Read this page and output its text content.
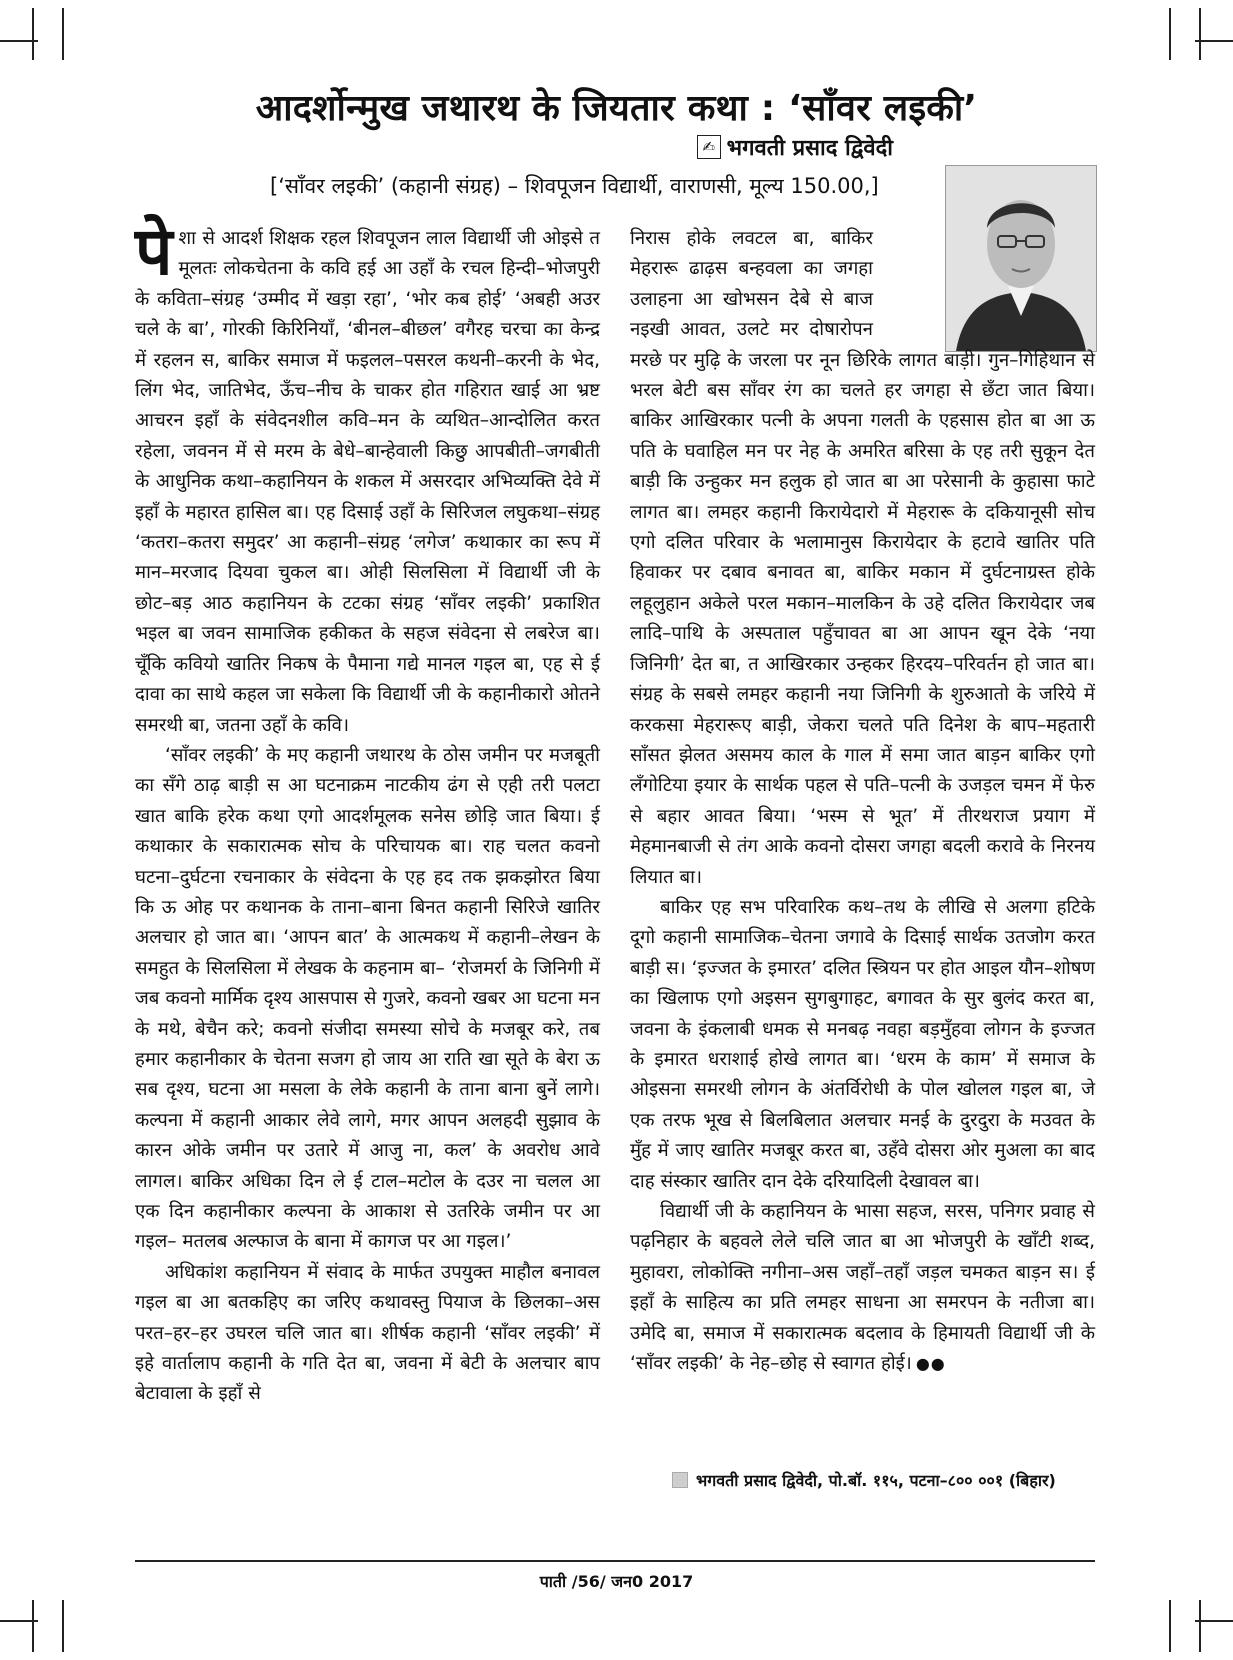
आदर्शोन्मुख जथारथ के जियतार कथा : ‘साँवर लइकी’
✍ भगवती प्रसाद द्विवेदी
[‘साँवर लइकी’ (कहानी संग्रह) – शिवपूजन विद्यार्थी, वाराणसी, मूल्य 150.00,]

पेशा से आदर्श शिक्षक रहल शिवपूजन लाल विद्यार्थी जी ओइसे त मूलतः लोकचेतना के कवि हई आ उहाँ के रचल हिन्दी–भोजपुरी के कविता–संग्रह ‘उम्मीद में खड़ा रहा’, ‘भोर कब होई’ ‘अबही अउर चले के बा’, गोरकी किरिनियाँ, ‘बीनल–बीछल’ वगैरह चरचा का केन्द्र में रहलन स, बाकिर समाज में फइलल–पसरल कथनी–करनी के भेद, लिंग भेद, जातिभेद, ऊँच–नीच के चाकर होत गहिरात खाई आ भ्रष्ट आचरन इहाँ के संवेदनशील कवि–मन के व्यथित–आन्दोलित करत रहेला, जवनन में से मरम के बेधे–बान्हेवाली किछु आपबीती–जगबीती के आधुनिक कथा–कहानियन के शकल में असरदार अभिव्यक्ति देवे में इहाँ के महारत हासिल बा। एह दिसाई उहाँ के सिरिजल लघुकथा–संग्रह ‘कतरा–कतरा समुदर’ आ कहानी–संग्रह ‘लगेज’ कथाकार का रूप में मान–मरजाद दियवा चुकल बा। ओही सिलसिला में विद्यार्थी जी के छोट–बड़ आठ कहानियन के टटका संग्रह ‘साँवर लइकी’ प्रकाशित भइल बा जवन सामाजिक हकीकत के सहज संवेदना से लबरेज बा। चूँकि कवियो खातिर निकष के पैमाना गद्ये मानल गइल बा, एह से ई दावा का साथे कहल जा सकेला कि विद्यार्थी जी के कहानीकारो ओतने समरथी बा, जतना उहाँ के कवि।

‘साँवर लइकी’ के मए कहानी जथारथ के ठोस जमीन पर मजबूती का सँगे ठाढ़ बाड़ी स आ घटनाक्रम नाटकीय ढंग से एही तरी पलटा खात बाकि हरेक कथा एगो आदर्शमूलक सनेस छोड़ि जात बिया। ई कथाकार के सकारात्मक सोच के परिचायक बा। राह चलत कवनो घटना–दुर्घटना रचनाकार के संवेदना के एह हद तक झकझोरत बिया कि ऊ ओह पर कथानक के ताना–बाना बिनत कहानी सिरिजे खातिर अलचार हो जात बा। ‘आपन बात’ के आत्मकथ में कहानी–लेखन के समहुत के सिलसिला में लेखक के कहनाम बा– ‘रोजमर्रा के जिनिगी में जब कवनो मार्मिक दृश्य आसपास से गुजरे, कवनो खबर आ घटना मन के मथे, बेचैन करे; कवनो संजीदा समस्या सोचे के मजबूर करे, तब हमार कहानीकार के चेतना सजग हो जाय आ राति खा सूते के बेरा ऊ सब दृश्य, घटना आ मसला के लेके कहानी के ताना बाना बुनें लागे। कल्पना में कहानी आकार लेवे लागे, मगर आपन अलहदी सुझाव के कारन ओके जमीन पर उतारे में आजु ना, कल’ के अवरोध आवे लागल। बाकिर अधिका दिन ले ई टाल–मटोल के दउर ना चलल आ एक दिन कहानीकार कल्पना के आकाश से उतरिके जमीन पर आ गइल– मतलब अल्फाज के बाना में कागज पर आ गइल।’

अधिकांश कहानियन में संवाद के मार्फत उपयुक्त माहौल बनावल गइल बा आ बतकहिए का जरिए कथावस्तु पियाज के छिलका–अस परत–हर–हर उघरल चलि जात बा। शीर्षक कहानी ‘साँवर लइकी’ में इहे वार्तालाप कहानी के गति देत बा, जवना में बेटी के अलचार बाप बेटावाला के इहाँ से

निरास होके लवटल बा, बाकिर मेहरारू ढाढ़स बन्हवला का जगहा उलाहना आ खोभसन देबे से बाज नइखी आवत, उलटे मर दोषारोपन मरछे पर मुढ़ि के जरला पर नून छिरिके लागत बाड़ी। गुन–गिहिथान से भरल बेटी बस साँवर रंग का चलते हर जगहा से छँटा जात बिया। बाकिर आखिरकार पत्नी के अपना गलती के एहसास होत बा आ ऊ पति के घवाहिल मन पर नेह के अमरित बरिसा के एह तरी सुकून देत बाड़ी कि उन्हुकर मन हलुक हो जात बा आ परेसानी के कुहासा फाटे लागत बा। लमहर कहानी किरायेदारो में मेहरारू के दकियानूसी सोच एगो दलित परिवार के भलामानुस किरायेदार के हटावे खातिर पति हिवाकर पर दबाव बनावत बा, बाकिर मकान में दुर्घटनाग्रस्त होके लहूलुहान अकेले परल मकान–मालकिन के उहे दलित किरायेदार जब लादि–पाथि के अस्पताल पहुँचावत बा आ आपन खून देके ‘नया जिनिगी’ देत बा, त आखिरकार उन्हकर हिरदय–परिवर्तन हो जात बा। संग्रह के सबसे लमहर कहानी नया जिनिगी के शुरुआतो के जरिये में करकसा मेहरारूए बाड़ी, जेकरा चलते पति दिनेश के बाप–महतारी साँसत झेलत असमय काल के गाल में समा जात बाड़न बाकिर एगो लँगोटिया इयार के सार्थक पहल से पति–पत्नी के उजड़ल चमन में फेरु से बहार आवत बिया। ‘भस्म से भूत’ में तीरथराज प्रयाग में मेहमानबाजी से तंग आके कवनो दोसरा जगहा बदली करावे के निरनय लियात बा।

बाकिर एह सभ परिवारिक कथ–तथ के लीखि से अलगा हटिके दूगो कहानी सामाजिक–चेतना जगावे के दिसाई सार्थक उतजोग करत बाड़ी स। ‘इज्जत के इमारत’ दलित स्त्रियन पर होत आइल यौन–शोषण का खिलाफ एगो अइसन सुगबुगाहट, बगावत के सुर बुलंद करत बा, जवना के इंकलाबी धमक से मनबढ़ नवहा बड़मुँहवा लोगन के इज्जत के इमारत धराशाई होखे लागत बा। ‘धरम के काम’ में समाज के ओइसना समरथी लोगन के अंतर्विरोधी के पोल खोलल गइल बा, जे एक तरफ भूख से बिलबिलात अलचार मनई के दुरदुरा के मउवत के मुँह में जाए खातिर मजबूर करत बा, उहँवे दोसरा ओर मुअला का बाद दाह संस्कार खातिर दान देके दरियादिली देखावल बा।

विद्यार्थी जी के कहानियन के भासा सहज, सरस, पनिगर प्रवाह से पढ़निहार के बहवले लेले चलि जात बा आ भोजपुरी के खाँटी शब्द, मुहावरा, लोकोक्ति नगीना–अस जहाँ–तहाँ जड़ल चमकत बाड़न स। ई इहाँ के साहित्य का प्रति लमहर साधना आ समरपन के नतीजा बा। उमेदि बा, समाज में सकारात्मक बदलाव के हिमायती विद्यार्थी जी के ‘साँवर लइकी’ के नेह–छोह से स्वागत होई। ●●

भगवती प्रसाद द्विवेदी, पो.बॉ. ११५, पटना–८०० ००१ (बिहार)
पाती /56/ जन0 2017
